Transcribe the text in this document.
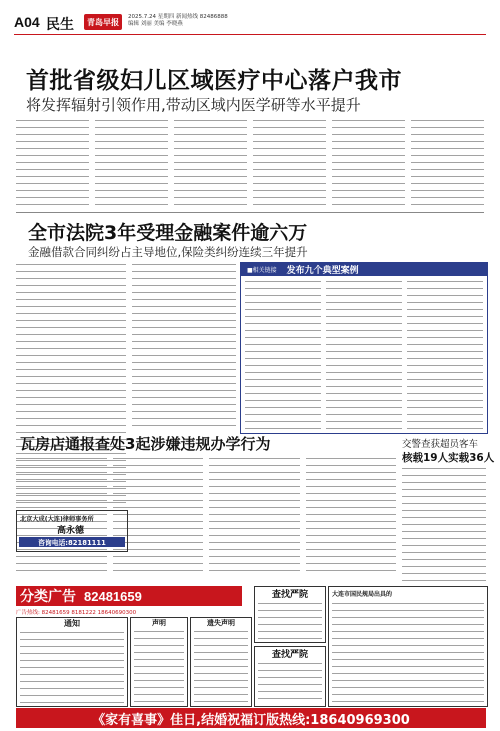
A04 民生	青岛早报	2025.7.24 星期四 新闻热线 82486888
编辑 刘丽 美编 李晓燕
首批省级妇儿区域医疗中心落户我市
将发挥辐射引领作用,带动区域内医学研等水平提升
全市法院3年受理金融案件逾六万
金融借款合同纠纷占主导地位,保险类纠纷连续三年提升
■相关链接 发布九个典型案例
瓦房店通报查处3起涉嫌违规办学行为	交警查获超员客车
核载19人实载36人
北京大成(大连)律师事务所
高永德
咨询电话:82181111
分类广告 82481659
广告热线: 82481659 8181222 18640690300
通知	声明	遗失声明
查找严院
查找严院
大连市国民规局出具的
《家有喜事》佳日,结婚祝福订版热线:18640969300
